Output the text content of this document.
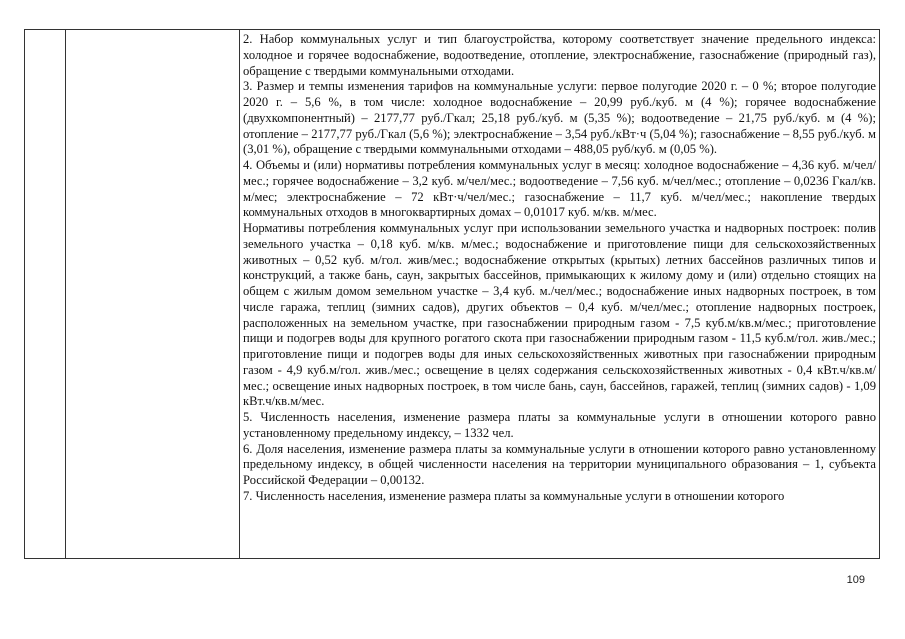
2. Набор коммунальных услуг и тип благоустройства, которому соответствует значение предельного индекса: холодное и горячее водоснабжение, водоотведение, отопление, электроснабжение, газоснабжение (природный газ), обращение с твердыми коммунальными отходами.

3. Размер и темпы изменения тарифов на коммунальные услуги: первое полугодие 2020 г. – 0 %; второе полугодие 2020 г. – 5,6 %, в том числе: холодное водоснабжение – 20,99 руб./куб. м (4 %); горячее водоснабжение (двухкомпонентный) – 2177,77 руб./Гкал; 25,18 руб./куб. м (5,35 %); водоотведение – 21,75 руб./куб. м (4 %); отопление – 2177,77 руб./Гкал (5,6 %); электроснабжение – 3,54 руб./кВт·ч (5,04 %); газоснабжение – 8,55 руб./куб. м (3,01 %), обращение с твердыми коммунальными отходами – 488,05 руб/куб. м (0,05 %).

4. Объемы и (или) нормативы потребления коммунальных услуг в месяц: холодное водоснабжение – 4,36 куб. м/чел/мес.; горячее водоснабжение – 3,2 куб. м/чел/мес.; водоотведение – 7,56 куб. м/чел/мес.; отопление – 0,0236 Гкал/кв. м/мес; электроснабжение – 72 кВт·ч/чел/мес.; газоснабжение – 11,7 куб. м/чел/мес.; накопление твердых коммунальных отходов в многоквартирных домах – 0,01017 куб. м/кв. м/мес.

Нормативы потребления коммунальных услуг при использовании земельного участка и надворных построек: полив земельного участка – 0,18 куб. м/кв. м/мес.; водоснабжение и приготовление пищи для сельскохозяйственных животных – 0,52 куб. м/гол. жив/мес.; водоснабжение открытых (крытых) летних бассейнов различных типов и конструкций, а также бань, саун, закрытых бассейнов, примыкающих к жилому дому и (или) отдельно стоящих на общем с жилым домом земельном участке – 3,4 куб. м./чел/мес.; водоснабжение иных надворных построек, в том числе гаража, теплиц (зимних садов), других объектов – 0,4 куб. м/чел/мес.; отопление надворных построек, расположенных на земельном участке, при газоснабжении природным газом - 7,5 куб.м/кв.м/мес.; приготовление пищи и подогрев воды для крупного рогатого скота при газоснабжении природным газом - 11,5 куб.м/гол. жив./мес.; приготовление пищи и подогрев воды для иных сельскохозяйственных животных при газоснабжении природным газом - 4,9 куб.м/гол. жив./мес.; освещение в целях содержания сельскохозяйственных животных - 0,4 кВт.ч/кв.м/мес.; освещение иных надворных построек, в том числе бань, саун, бассейнов, гаражей, теплиц (зимних садов) - 1,09 кВт.ч/кв.м/мес.

5. Численность населения, изменение размера платы за коммунальные услуги в отношении которого равно установленному предельному индексу, – 1332 чел.

6. Доля населения, изменение размера платы за коммунальные услуги в отношении которого равно установленному предельному индексу, в общей численности населения на территории муниципального образования – 1, субъекта Российской Федерации – 0,00132.

7. Численность населения, изменение размера платы за коммунальные услуги в отношении которого

109
